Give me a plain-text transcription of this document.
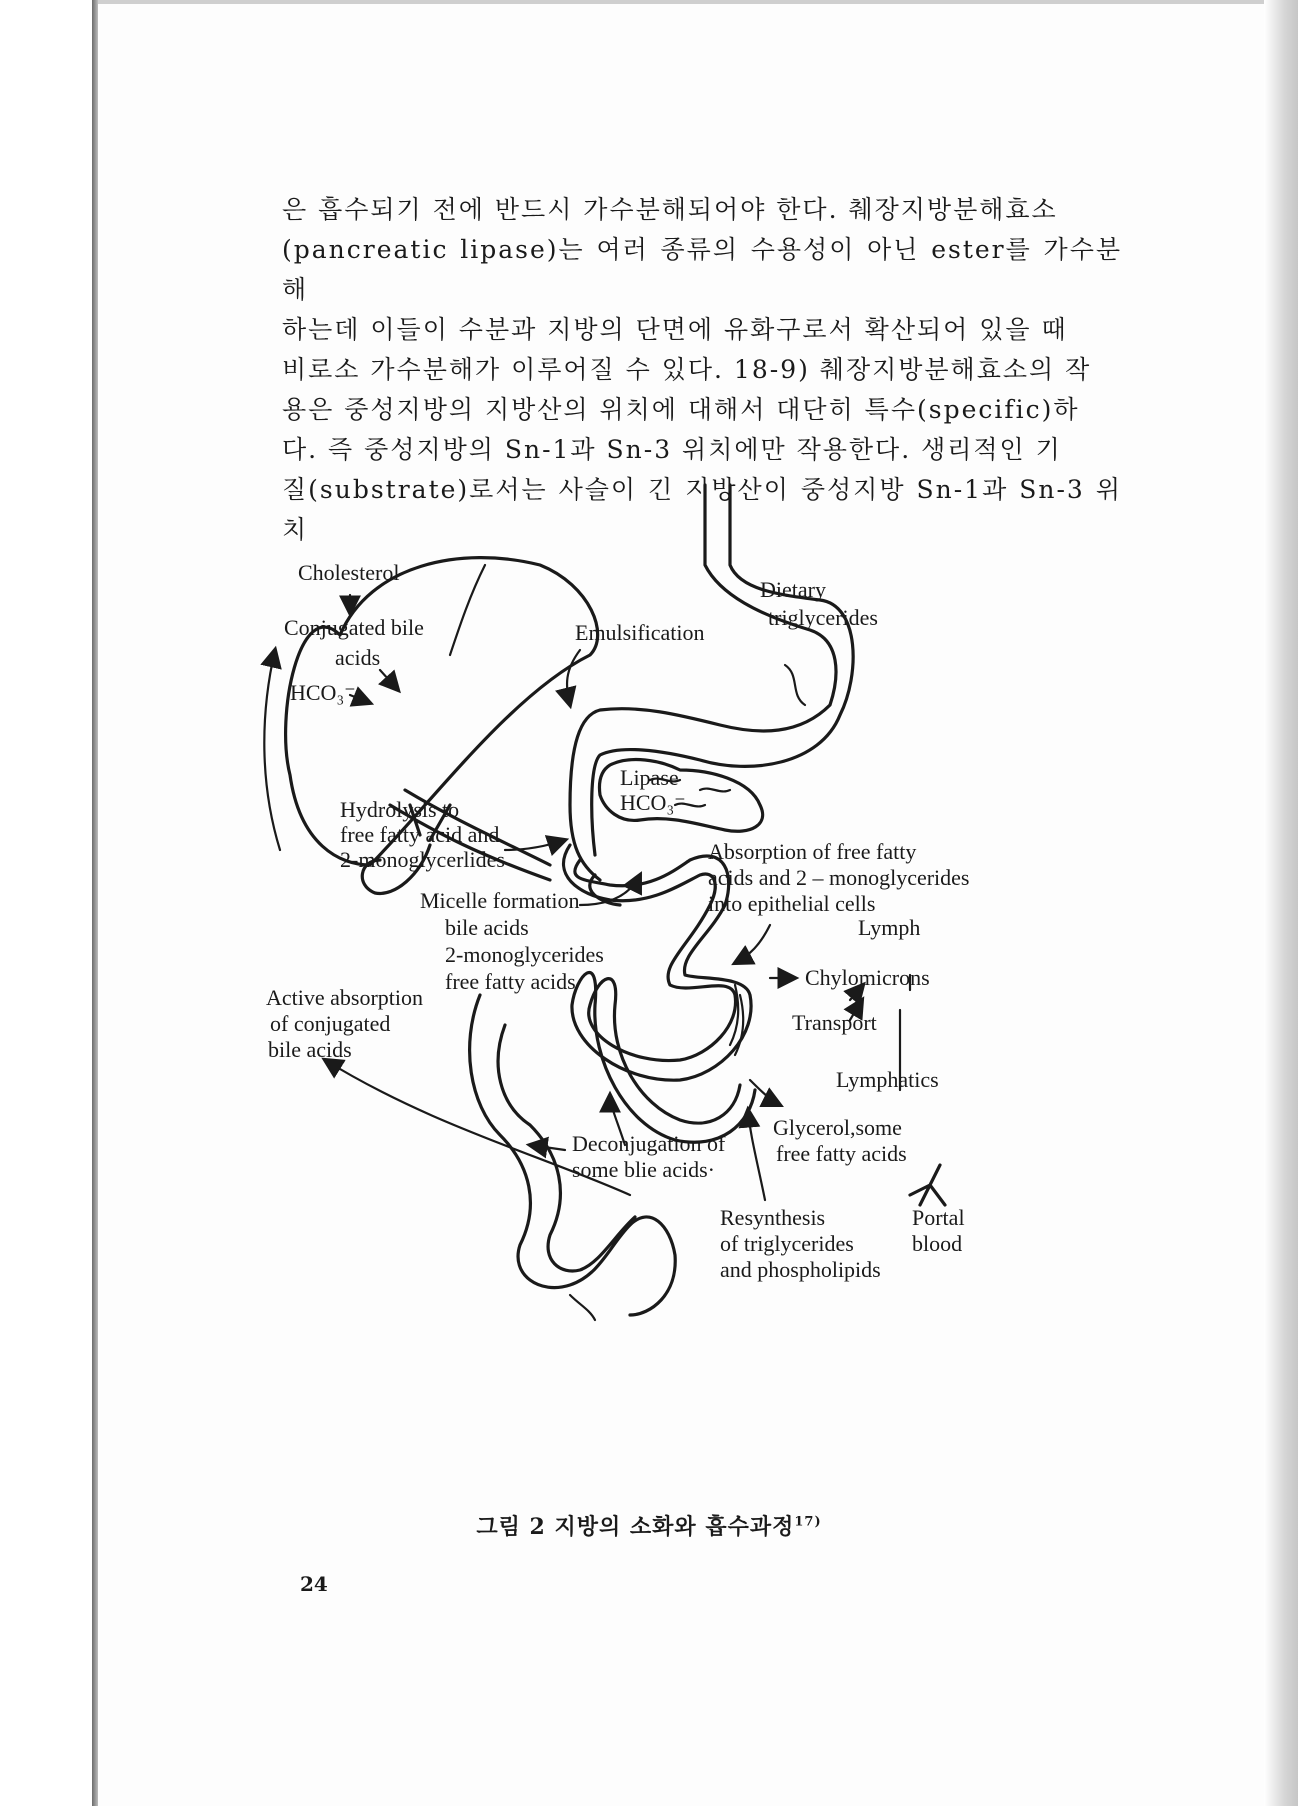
은 흡수되기 전에 반드시 가수분해되어야 한다. 췌장지방분해효소

(pancreatic lipase)는 여러 종류의 수용성이 아닌 ester를 가수분해

하는데 이들이 수분과 지방의 단면에 유화구로서 확산되어 있을 때

비로소 가수분해가 이루어질 수 있다. 18-9) 췌장지방분해효소의 작

용은 중성지방의 지방산의 위치에 대해서 대단히 특수(specific)하

다. 즉 중성지방의 Sn-1과 Sn-3 위치에만 작용한다. 생리적인 기

질(substrate)로서는 사슬이 긴 지방산이 중성지방 Sn-1과 Sn-3 위치

Cholesterol
Conjugated bile
acids
HCO₃⁻
Emulsification
Dietary
triglycerides
Lipase
HCO₃⁻
Hydrolysis to
free fatty acid and
2-monoglycerlides	Absorption of free fatty
acids and 2 – monoglycerides
into epithelial cells
Micelle formation
bile acids
2-monoglycerides
free fatty acids
Lymph
Chylomicrons
Transport
Lymphatics
Active absorption
of conjugated
bile acids
Glycerol,some
free fatty acids
Deconjugation of
some blie acids·
Resynthesis
of triglycerides
and phospholipids
Portal
blood
그림 2 지방의 소화와 흡수과정$^{17)}$
24
